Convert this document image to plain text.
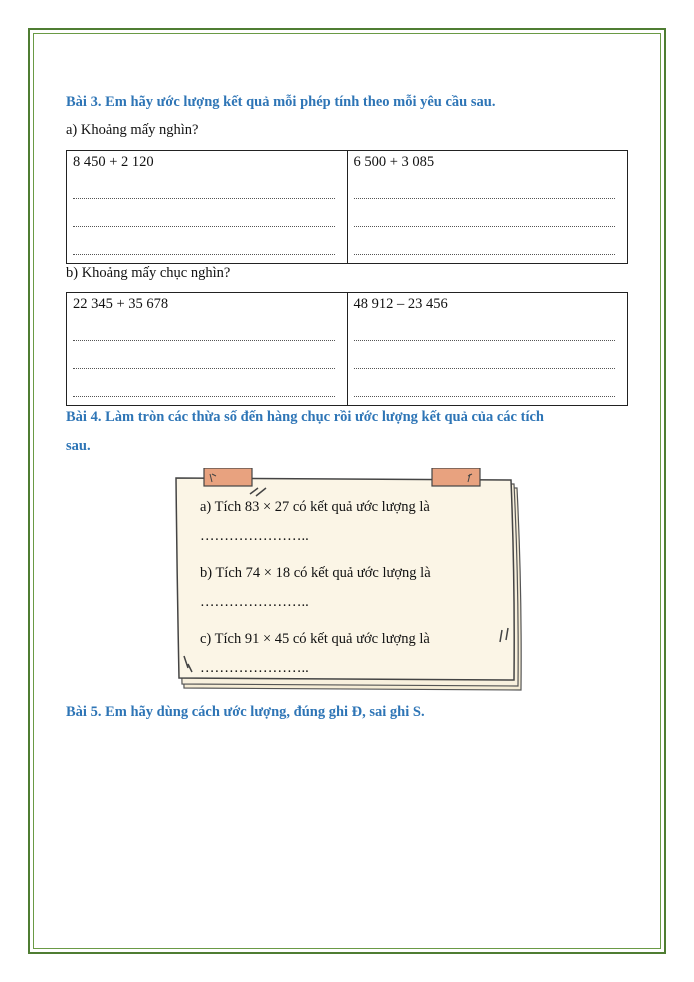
Bài 3. Em hãy ước lượng kết quả mỗi phép tính theo mỗi yêu cầu sau.
a) Khoảng mấy nghìn?
8 450 + 2 120	6 500 + 3 085
b) Khoảng mấy chục nghìn?
22 345 + 35 678	48 912 – 23 456
Bài 4. Làm tròn các thừa số đến hàng chục rồi ước lượng kết quả của các tích
sau.
a) Tích 83 × 27 có kết quả ước lượng là
…………………..
b) Tích 74 × 18 có kết quả ước lượng là
…………………..
c) Tích 91 × 45 có kết quả ước lượng là
…………………..
Bài 5. Em hãy dùng cách ước lượng, đúng ghi Đ, sai ghi S.
